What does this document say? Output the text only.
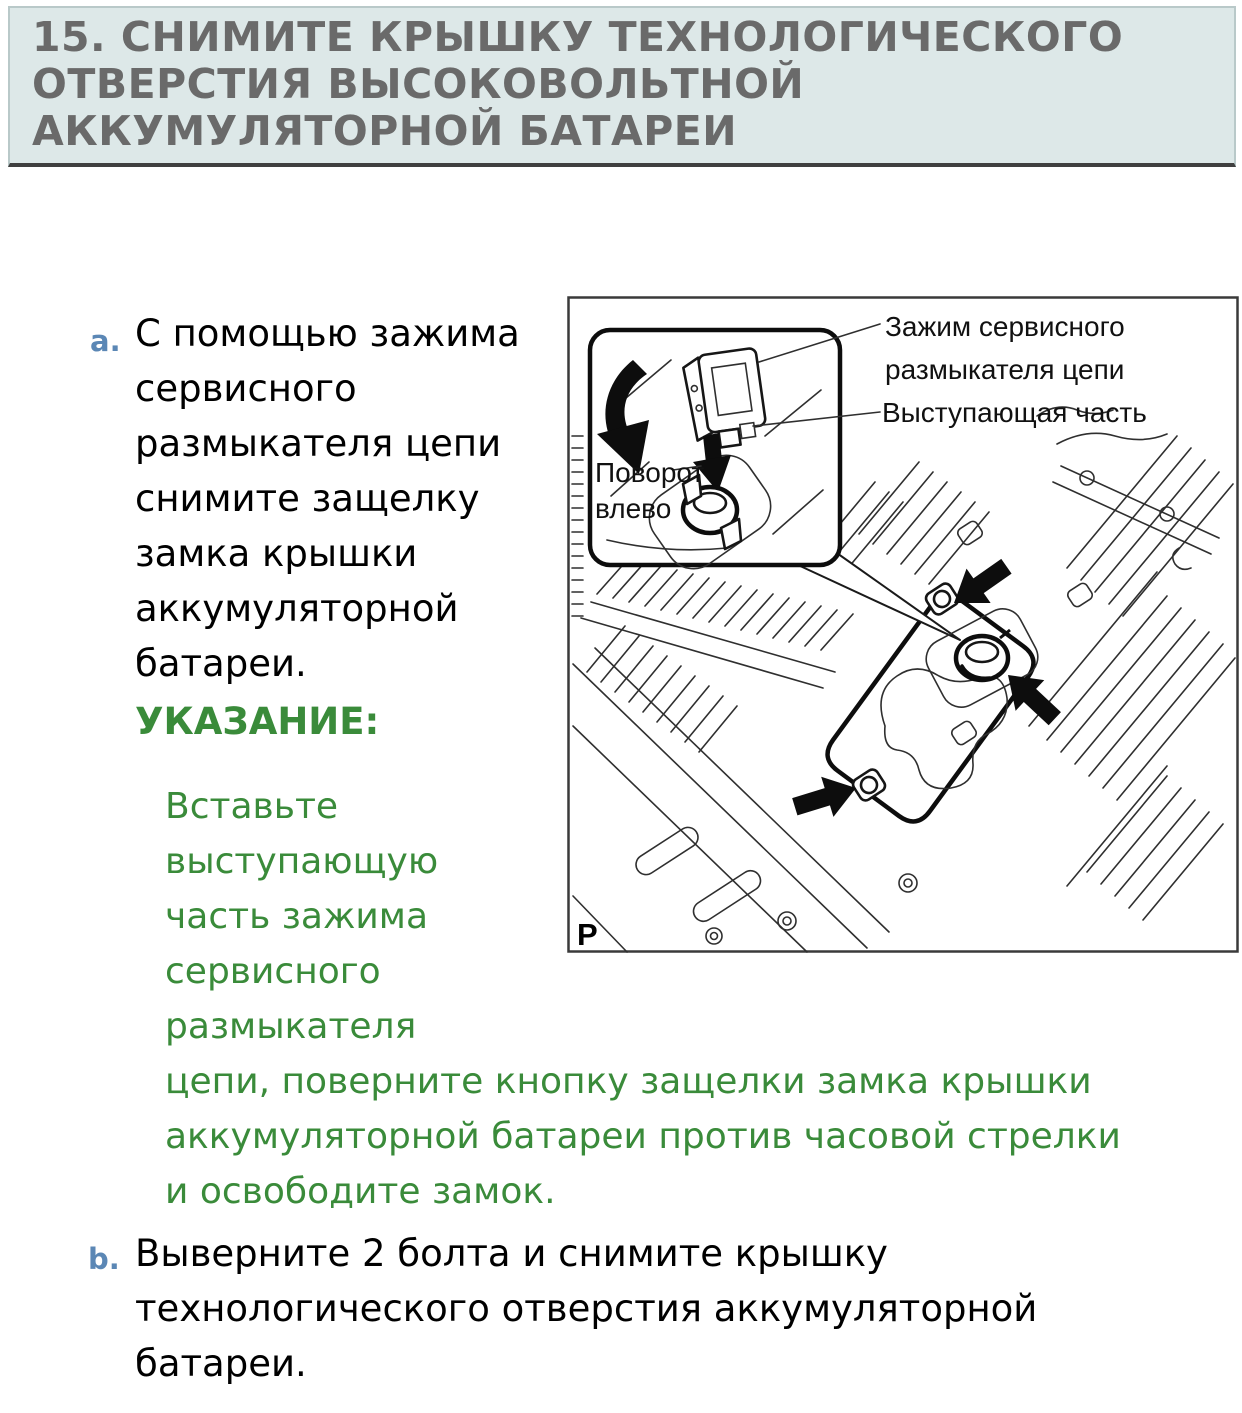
15. СНИМИТЕ КРЫШКУ ТЕХНОЛОГИЧЕСКОГО ОТВЕРСТИЯ ВЫСОКОВОЛЬТНОЙ АККУМУЛЯТОРНОЙ БАТАРЕИ
a. С помощью зажима
сервисного
размыкателя цепи
снимите защелку
замка крышки
аккумуляторной
батареи.
УКАЗАНИЕ:
Вставьте
выступающую
часть зажима
сервисного
размыкателя
цепи, поверните кнопку защелки замка крышки
аккумуляторной батареи против часовой стрелки
и освободите замок.
b. Выверните 2 болта и снимите крышку
технологического отверстия аккумуляторной
батареи.
Поворот
влево
Зажим сервисного
размыкателя цепи
Выступающая часть
P
